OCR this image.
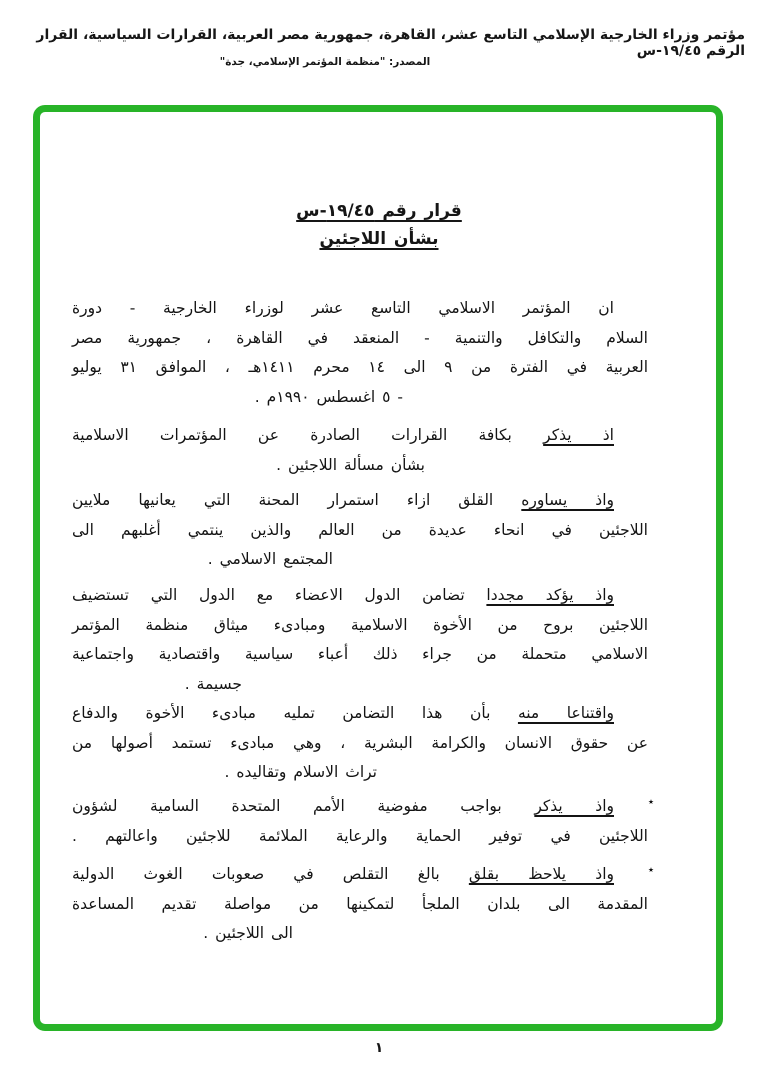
مؤتمر وزراء الخارجية الإسلامي التاسع عشر، القاهرة، جمهورية مصر العربية، القرارات السياسية، القرار الرقم ١٩/٤٥-س
المصدر: "منظمة المؤتمر الإسلامي، جدة"
قرار رقم ١٩/٤٥-س
بشأن اللاجئين
ان المؤتمر الاسلامي التاسع عشر لوزراء الخارجية - دورة
السلام والتكافل والتنمية - المنعقد في القاهرة ، جمهورية مصر
العربية في الفترة من ٩ الى ١٤ محرم ١٤١١هـ ، الموافق ٣١ يوليو
- ٥ اغسطس ١٩٩٠م .
اذ يذكر بكافة القرارات الصادرة عن المؤتمرات الاسلامية
بشأن مسألة اللاجئين .
واذ يساوره القلق ازاء استمرار المحنة التي يعانيها ملايين
اللاجئين في انحاء عديدة من العالم والذين ينتمي أغلبهم الى
المجتمع الاسلامي .
واذ يؤكد مجددا تضامن الدول الاعضاء مع الدول التي تستضيف
اللاجئين بروح من الأخوة الاسلامية ومبادىء ميثاق منظمة المؤتمر
الاسلامي متحملة من جراء ذلك أعباء سياسية واقتصادية واجتماعية
جسيمة .
واقتناعا منه بأن هذا التضامن تمليه مبادىء الأخوة والدفاع
عن حقوق الانسان والكرامة البشرية ، وهي مبادىء تستمد أصولها من
تراث الاسلام وتقاليده .
٭
واذ يذكر بواجب مفوضية الأمم المتحدة السامية لشؤون
اللاجئين في توفير الحماية والرعاية الملائمة للاجئين واعالتهم .
٭
واذ يلاحظ بقلق بالغ التقلص في صعوبات الغوث الدولية
المقدمة الى بلدان الملجأ لتمكينها من مواصلة تقديم المساعدة
الى اللاجئين .
١
